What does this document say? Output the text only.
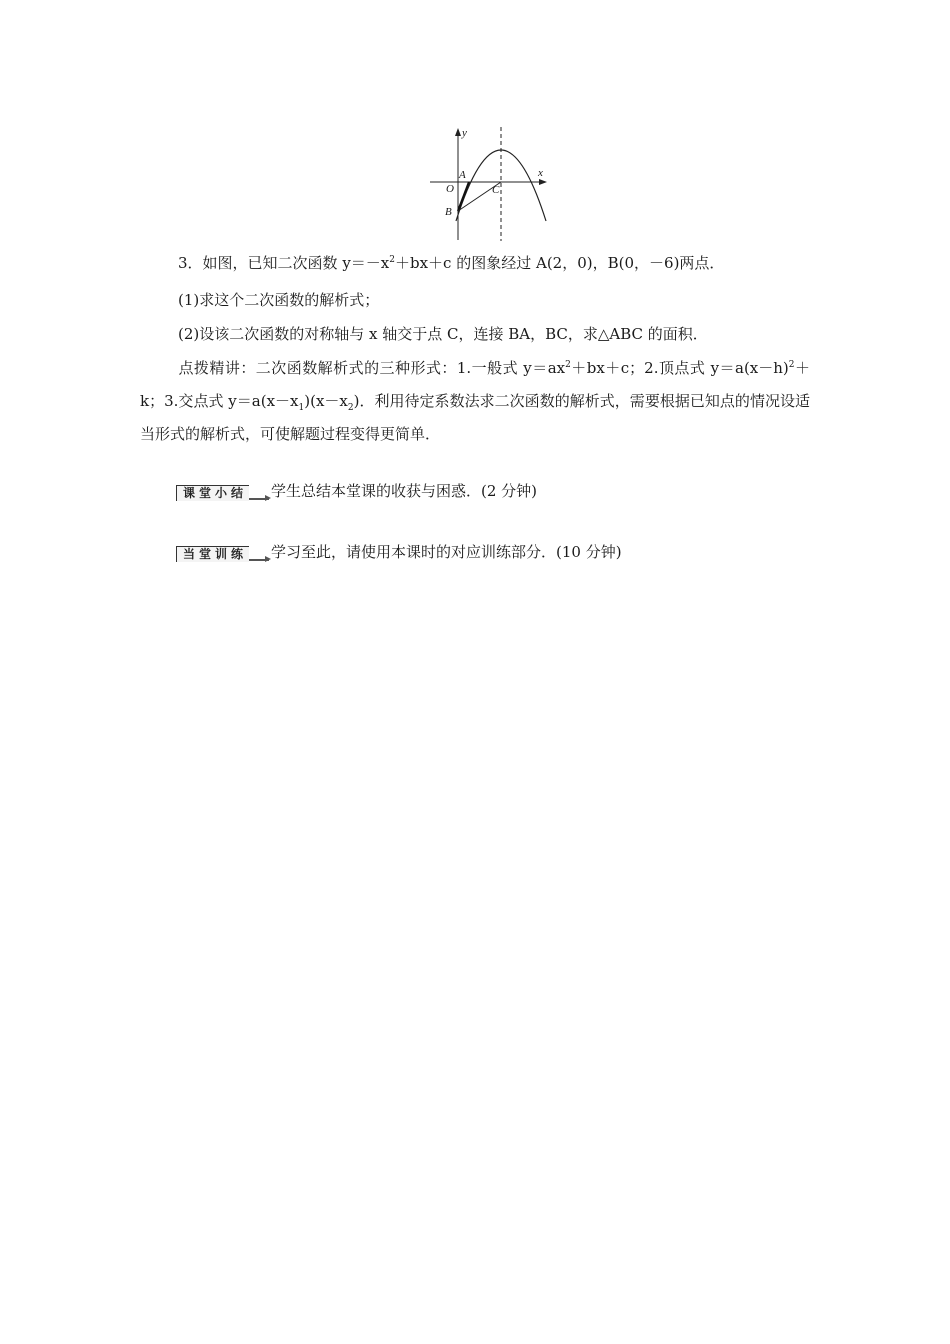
y
x
A
O	C
B
3．如图，已知二次函数 $y=-x^2+bx+c$ 的图象经过 A(2，0)，B(0，－6)两点．
(1)求这个二次函数的解析式；
(2)设该二次函数的对称轴与 x 轴交于点 C，连接 BA，BC，求△ABC 的面积．
点拨精讲：二次函数解析式的三种形式：1.一般式 $y=ax^2+bx+c$；2.顶点式 $y=a(x-h)^2+k$；3.交点式 $y=a(x-x_1)(x-x_2)$．利用待定系数法求二次函数的解析式，需要根据已知点的情况设适当形式的解析式，可使解题过程变得更简单．
课堂小结 学生总结本堂课的收获与困惑．(2 分钟)
当堂训练 学习至此，请使用本课时的对应训练部分．(10 分钟)
